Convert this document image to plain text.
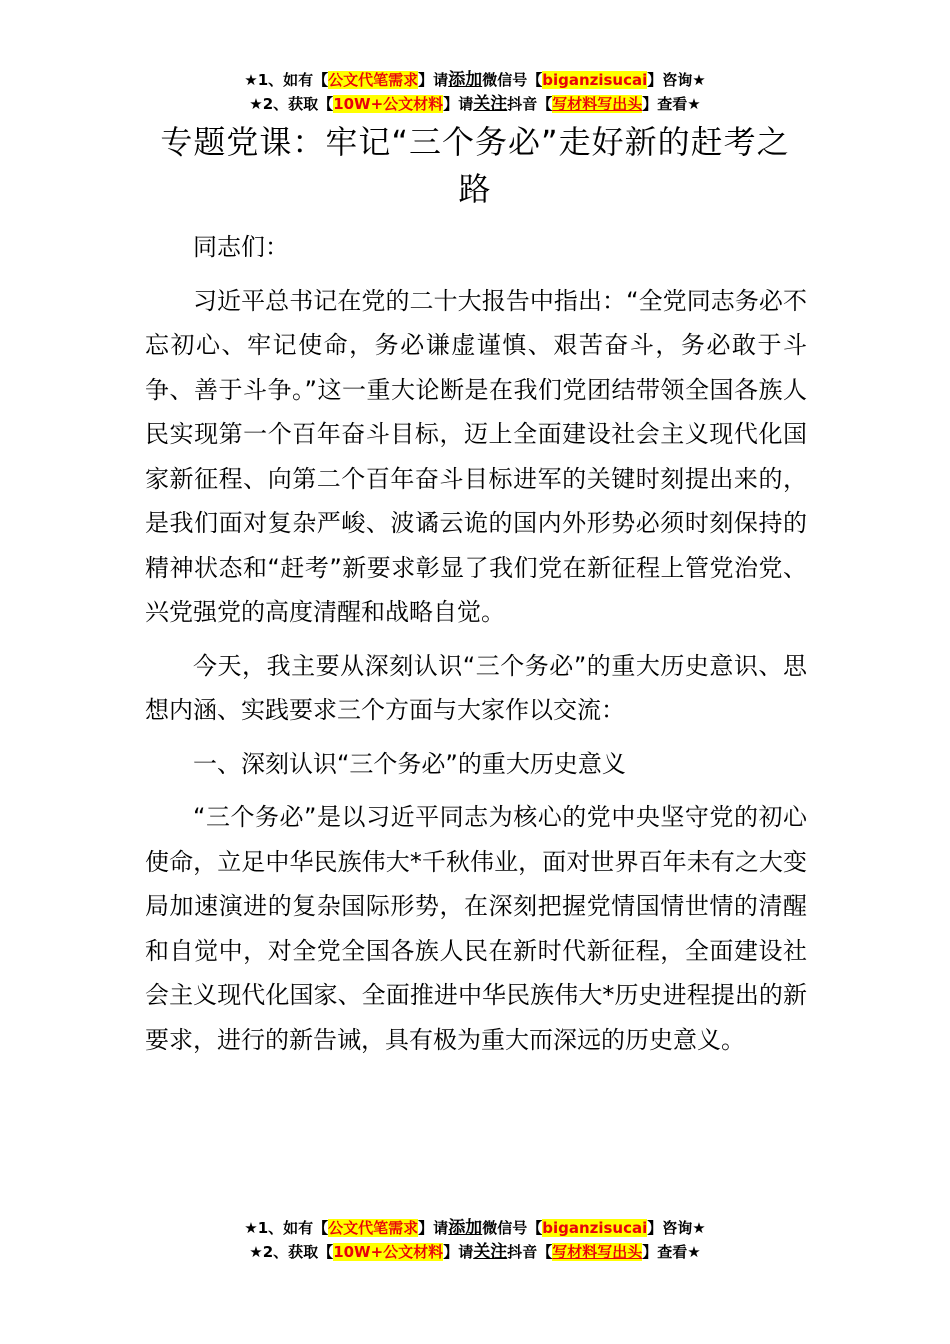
★1、如有【公文代笔需求】请添加微信号【biganzisucai】咨询★
★2、获取【10W+公文材料】请关注抖音【写材料写出头】查看★
专题党课：牢记“三个务必”走好新的赶考之路

同志们：

习近平总书记在党的二十大报告中指出：“全党同志务必不忘初心、牢记使命，务必谦虚谨慎、艰苦奋斗，务必敢于斗争、善于斗争。”这一重大论断是在我们党团结带领全国各族人民实现第一个百年奋斗目标，迈上全面建设社会主义现代化国家新征程、向第二个百年奋斗目标进军的关键时刻提出来的，是我们面对复杂严峻、波谲云诡的国内外形势必须时刻保持的精神状态和“赶考”新要求彰显了我们党在新征程上管党治党、兴党强党的高度清醒和战略自觉。

今天，我主要从深刻认识“三个务必”的重大历史意识、思想内涵、实践要求三个方面与大家作以交流：

一、深刻认识“三个务必”的重大历史意义

“三个务必”是以习近平同志为核心的党中央坚守党的初心使命，立足中华民族伟大*千秋伟业，面对世界百年未有之大变局加速演进的复杂国际形势，在深刻把握党情国情世情的清醒和自觉中，对全党全国各族人民在新时代新征程，全面建设社会主义现代化国家、全面推进中华民族伟大*历史进程提出的新要求，进行的新告诫，具有极为重大而深远的历史意义。

★1、如有【公文代笔需求】请添加微信号【biganzisucai】咨询★
★2、获取【10W+公文材料】请关注抖音【写材料写出头】查看★
